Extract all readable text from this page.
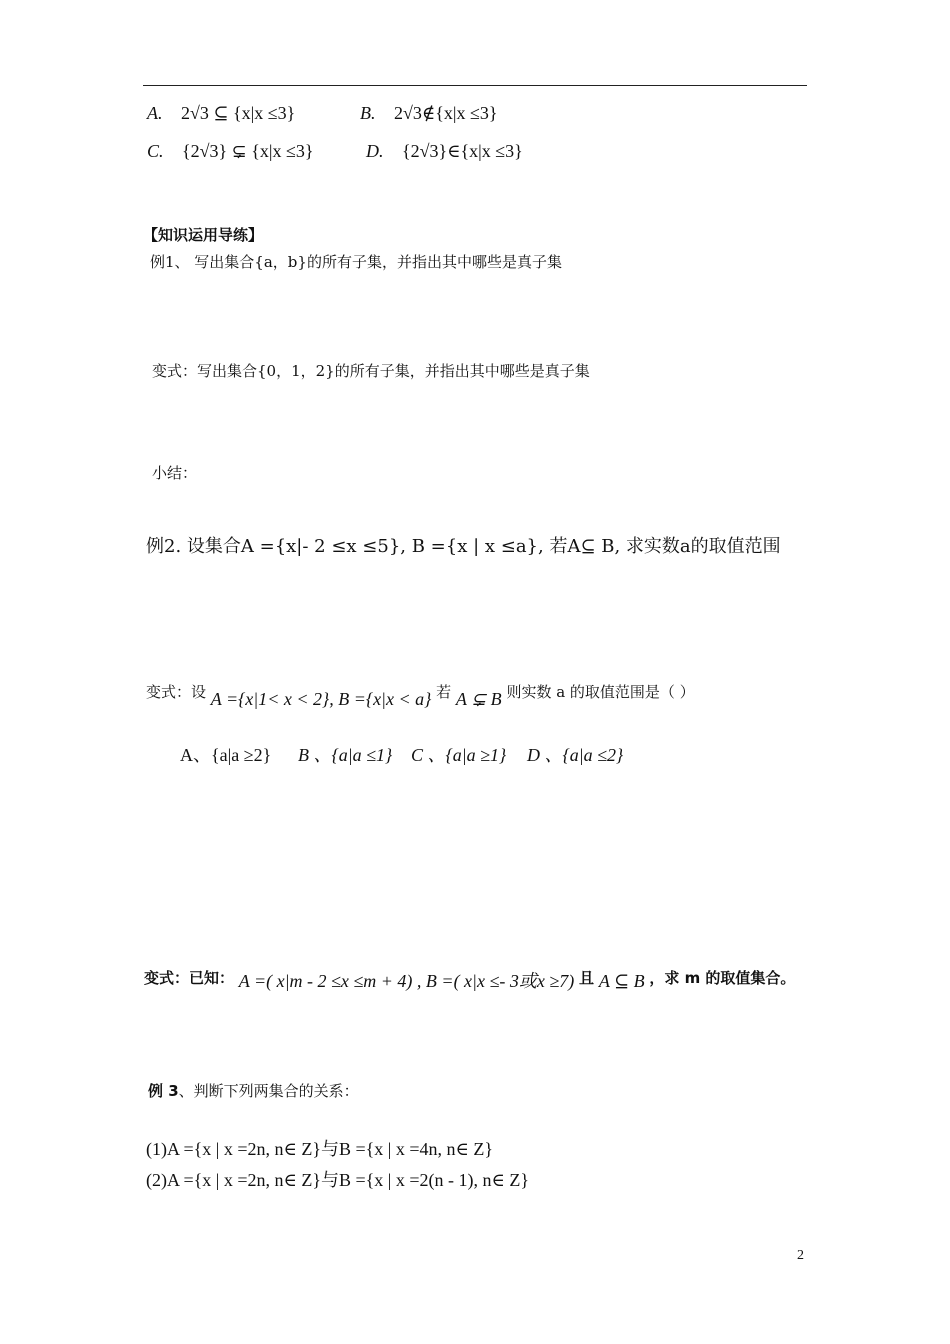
A. 2√3 ⊆ {x|x ≤3}	B. 2√3∉{x|x ≤3}
C. {2√3} ⊊ {x|x ≤3}	D. {2√3}∈{x|x ≤3}
【知识运用导练】
例1、 写出集合{a，b}的所有子集，并指出其中哪些是真子集
变式：写出集合{0，1，2}的所有子集，并指出其中哪些是真子集
小结：
例2. 设集合A ={x|- 2 ≤x ≤5}, B ={x | x ≤a}, 若A⊆ B, 求实数a的取值范围
变式：设 A ={x|1< x < 2}, B ={x|x < a} 若 A ⊊ B 则实数 a 的取值范围是（ ）
A、{a|a ≥2} B 、{a|a ≤1} C 、{a|a ≥1} D 、{a|a ≤2}
变式：已知： A =( x|m - 2 ≤x ≤m + 4) , B =( x|x ≤- 3或x ≥7) 且 A ⊆ B ，求 m 的取值集合。
例 3、判断下列两集合的关系：
(1)A ={x | x =2n, n∈ Z}与B ={x | x =4n, n∈ Z}
(2)A ={x | x =2n, n∈ Z}与B ={x | x =2(n - 1), n∈ Z}
2
